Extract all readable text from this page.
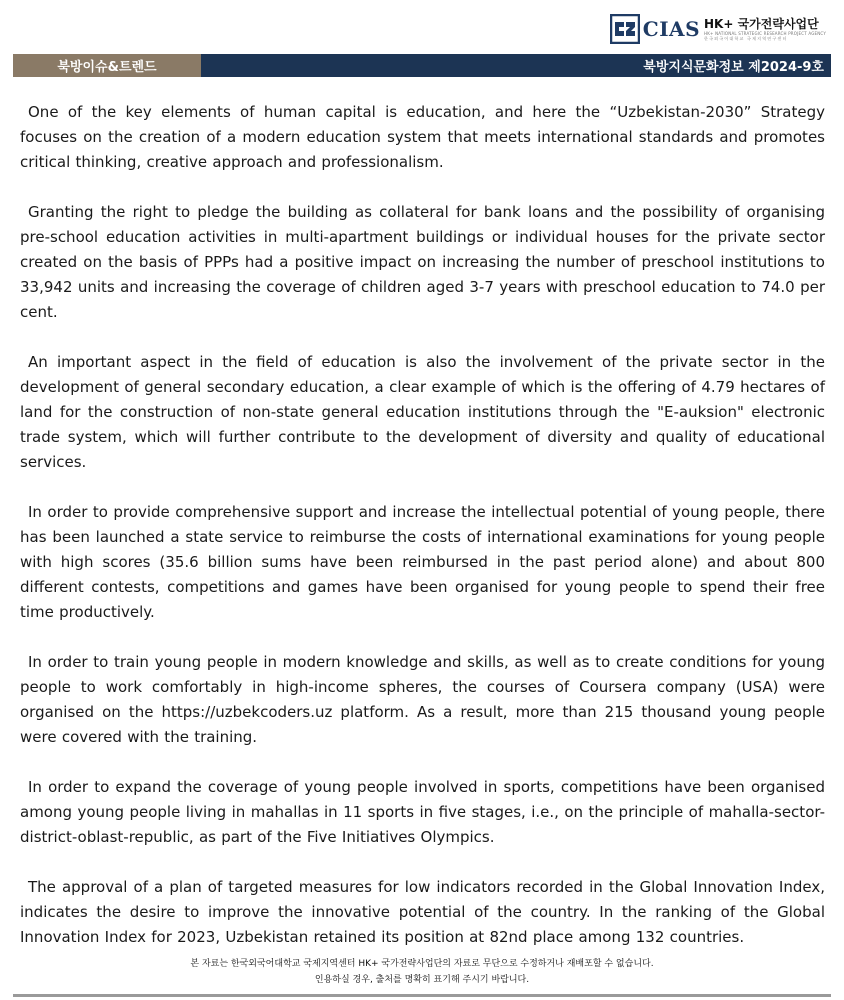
CIAS HK+ 국가전략사업단
HK+ NATIONAL STRATEGIC RESEARCH PROJECT AGENCY
한국외국어대학교 국제지역연구센터
북방이슈&트렌드	북방지식문화정보 제2024-9호

One of the key elements of human capital is education, and here the “Uzbekistan-2030” Strategy focuses on the creation of a modern education system that meets international standards and promotes critical thinking, creative approach and professionalism.

Granting the right to pledge the building as collateral for bank loans and the possibility of organising pre-school education activities in multi-apartment buildings or individual houses for the private sector created on the basis of PPPs had a positive impact on increasing the number of preschool institutions to 33,942 units and increasing the coverage of children aged 3-7 years with preschool education to 74.0 per cent.

An important aspect in the field of education is also the involvement of the private sector in the development of general secondary education, a clear example of which is the offering of 4.79 hectares of land for the construction of non-state general education institutions through the "E-auksion" electronic trade system, which will further contribute to the development of diversity and quality of educational services.

In order to provide comprehensive support and increase the intellectual potential of young people, there has been launched a state service to reimburse the costs of international examinations for young people with high scores (35.6 billion sums have been reimbursed in the past period alone) and about 800 different contests, competitions and games have been organised for young people to spend their free time productively.

In order to train young people in modern knowledge and skills, as well as to create conditions for young people to work comfortably in high-income spheres, the courses of Coursera company (USA) were organised on the https://uzbekcoders.uz platform. As a result, more than 215 thousand young people were covered with the training.

In order to expand the coverage of young people involved in sports, competitions have been organised among young people living in mahallas in 11 sports in five stages, i.e., on the principle of mahalla-sector-district-oblast-republic, as part of the Five Initiatives Olympics.

The approval of a plan of targeted measures for low indicators recorded in the Global Innovation Index, indicates the desire to improve the innovative potential of the country. In the ranking of the Global Innovation Index for 2023, Uzbekistan retained its position at 82nd place among 132 countries.

본 자료는 한국외국어대학교 국제지역센터 HK+ 국가전략사업단의 자료로 무단으로 수정하거나 재배포할 수 없습니다.
인용하실 경우, 출처를 명확히 표기해 주시기 바랍니다.
